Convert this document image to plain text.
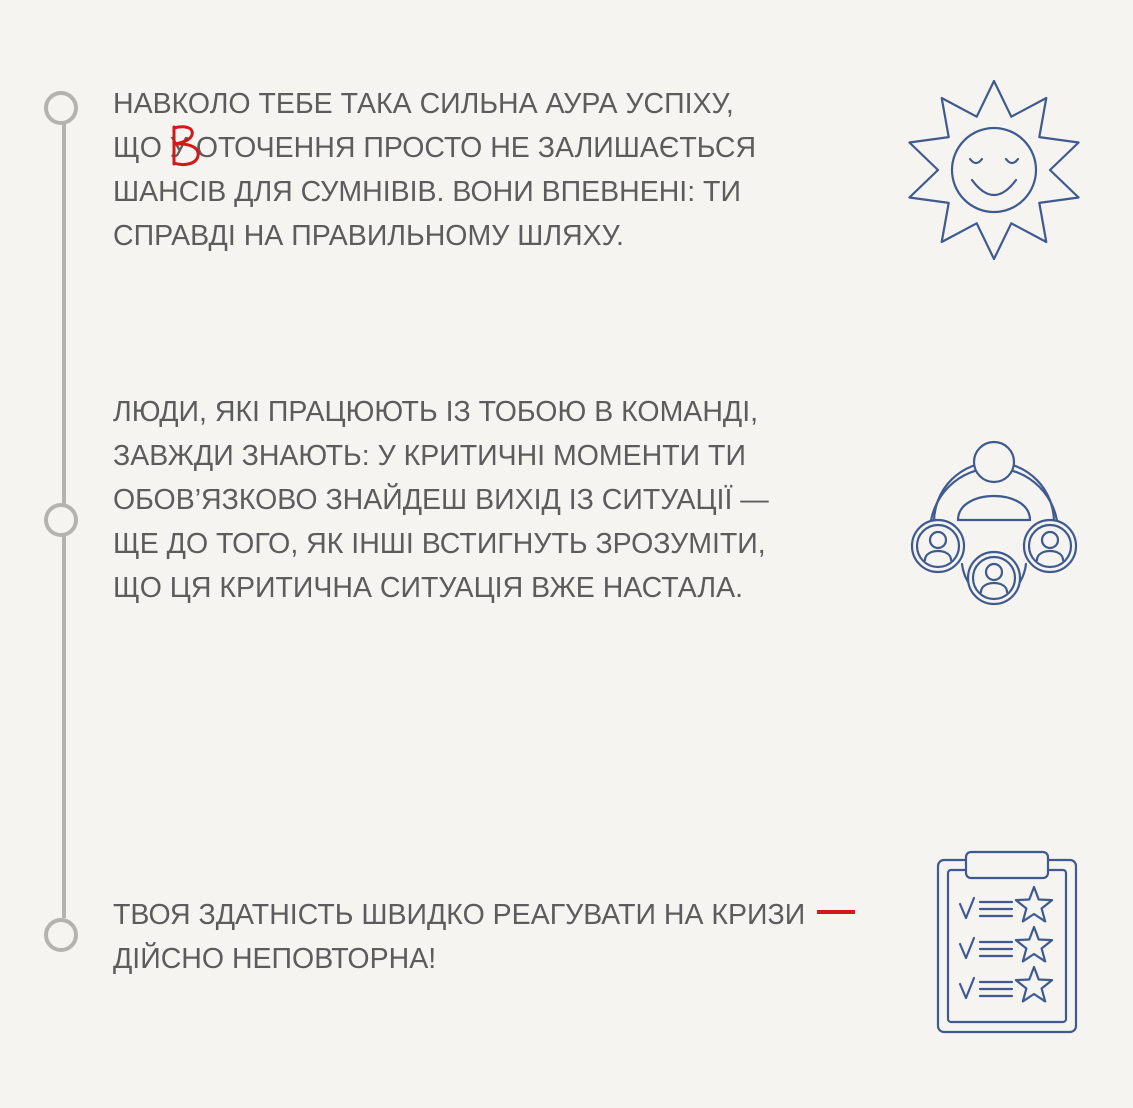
НАВКОЛО ТЕБЕ ТАКА СИЛЬНА АУРА УСПІХУ,
ЩО У ОТОЧЕННЯ ПРОСТО НЕ ЗАЛИШАЄТЬСЯ
ШАНСІВ ДЛЯ СУМНІВІВ. ВОНИ ВПЕВНЕНІ: ТИ
СПРАВДІ НА ПРАВИЛЬНОМУ ШЛЯХУ.

ЛЮДИ, ЯКІ ПРАЦЮЮТЬ ІЗ ТОБОЮ В КОМАНДІ,
ЗАВЖДИ ЗНАЮТЬ: У КРИТИЧНІ МОМЕНТИ ТИ
ОБОВ’ЯЗКОВО ЗНАЙДЕШ ВИХІД ІЗ СИТУАЦІЇ —
ЩЕ ДО ТОГО, ЯК ІНШІ ВСТИГНУТЬ ЗРОЗУМІТИ,
ЩО ЦЯ КРИТИЧНА СИТУАЦІЯ ВЖЕ НАСТАЛА.

ТВОЯ ЗДАТНІСТЬ ШВИДКО РЕАГУВАТИ НА КРИЗИ
ДІЙСНО НЕПОВТОРНА!
